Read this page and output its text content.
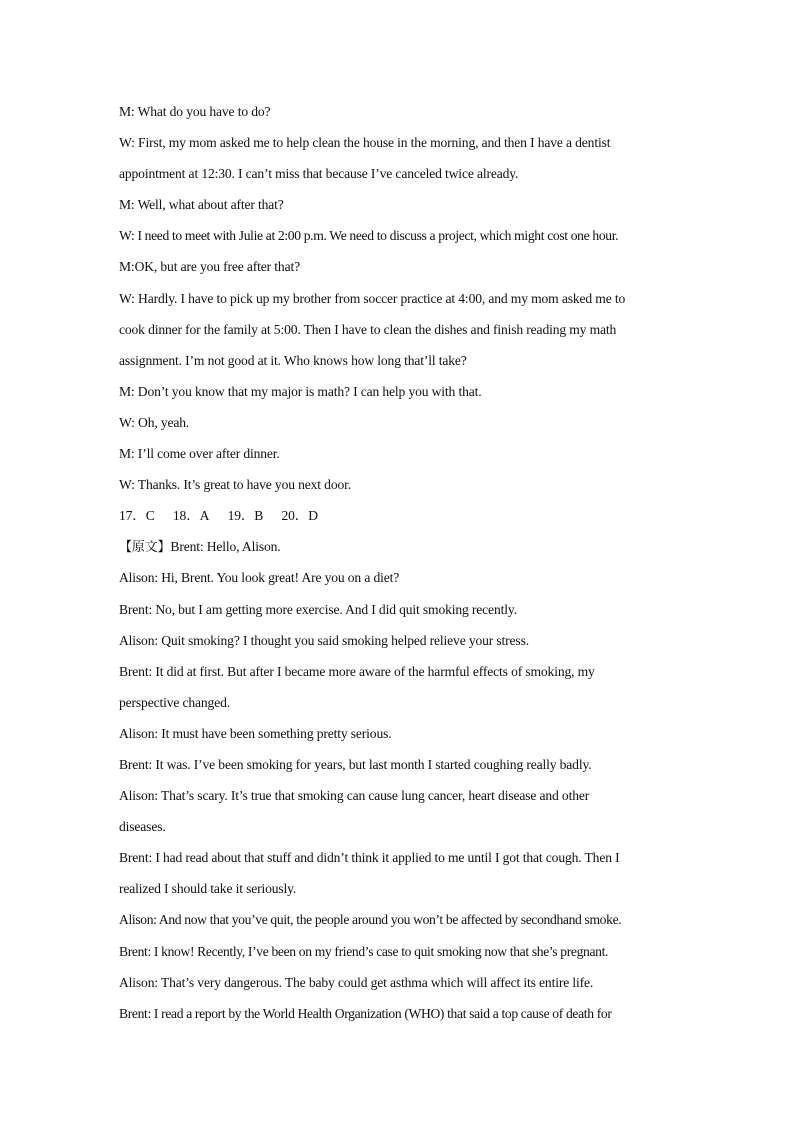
M: What do you have to do?
W: First, my mom asked me to help clean the house in the morning, and then I have a dentist
appointment at 12:30. I can’t miss that because I’ve canceled twice already.
M: Well, what about after that?
W: I need to meet with Julie at 2:00 p.m. We need to discuss a project, which might cost one hour.
M:OK, but are you free after that?
W: Hardly. I have to pick up my brother from soccer practice at 4:00, and my mom asked me to
cook dinner for the family at 5:00. Then I have to clean the dishes and finish reading my math
assignment. I’m not good at it. Who knows how long that’ll take?
M: Don’t you know that my major is math? I can help you with that.
W: Oh, yeah.
M: I’ll come over after dinner.
W: Thanks. It’s great to have you next door.
17．C 18．A 19．B 20．D
【原文】Brent: Hello, Alison.
Alison: Hi, Brent. You look great! Are you on a diet?
Brent: No, but I am getting more exercise. And I did quit smoking recently.
Alison: Quit smoking? I thought you said smoking helped relieve your stress.
Brent: It did at first. But after I became more aware of the harmful effects of smoking, my
perspective changed.
Alison: It must have been something pretty serious.
Brent: It was. I’ve been smoking for years, but last month I started coughing really badly.
Alison: That’s scary. It’s true that smoking can cause lung cancer, heart disease and other
diseases.
Brent: I had read about that stuff and didn’t think it applied to me until I got that cough. Then I
realized I should take it seriously.
Alison: And now that you’ve quit, the people around you won’t be affected by secondhand smoke.
Brent: I know! Recently, I’ve been on my friend’s case to quit smoking now that she’s pregnant.
Alison: That’s very dangerous. The baby could get asthma which will affect its entire life.
Brent: I read a report by the World Health Organization (WHO) that said a top cause of death for
